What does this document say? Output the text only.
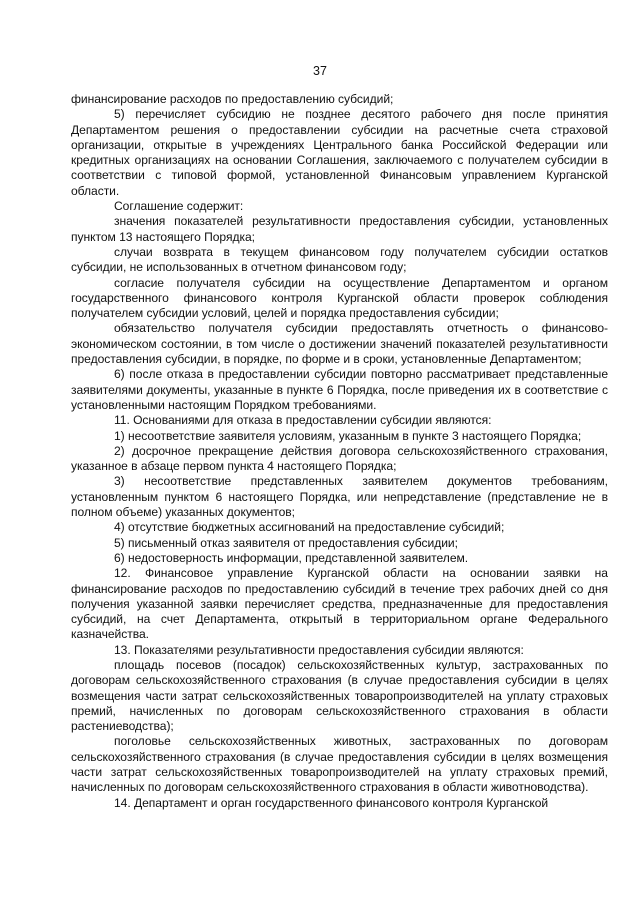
37

финансирование расходов по предоставлению субсидий;

5) перечисляет субсидию не позднее десятого рабочего дня после принятия Департаментом решения о предоставлении субсидии на расчетные счета страховой организации, открытые в учреждениях Центрального банка Российской Федерации или кредитных организациях на основании Соглашения, заключаемого с получателем субсидии в соответствии с типовой формой, установленной Финансовым управлением Курганской области.

Соглашение содержит:

значения показателей результативности предоставления субсидии, установленных пунктом 13 настоящего Порядка;

случаи возврата в текущем финансовом году получателем субсидии остатков субсидии, не использованных в отчетном финансовом году;

согласие получателя субсидии на осуществление Департаментом и органом государственного финансового контроля Курганской области проверок соблюдения получателем субсидии условий, целей и порядка предоставления субсидии;

обязательство получателя субсидии предоставлять отчетность о финансово-экономическом состоянии, в том числе о достижении значений показателей результативности предоставления субсидии, в порядке, по форме и в сроки, установленные Департаментом;

6) после отказа в предоставлении субсидии повторно рассматривает представленные заявителями документы, указанные в пункте 6 Порядка, после приведения их в соответствие с установленными настоящим Порядком требованиями.

11. Основаниями для отказа в предоставлении субсидии являются:

1) несоответствие заявителя условиям, указанным в пункте 3 настоящего Порядка;

2) досрочное прекращение действия договора сельскохозяйственного страхования, указанное в абзаце первом пункта 4 настоящего Порядка;

3) несоответствие представленных заявителем документов требованиям, установленным пунктом 6 настоящего Порядка, или непредставление (представление не в полном объеме) указанных документов;

4) отсутствие бюджетных ассигнований на предоставление субсидий;

5) письменный отказ заявителя от предоставления субсидии;

6) недостоверность информации, представленной заявителем.

12. Финансовое управление Курганской области на основании заявки на финансирование расходов по предоставлению субсидий в течение трех рабочих дней со дня получения указанной заявки перечисляет средства, предназначенные для предоставления субсидий, на счет Департамента, открытый в территориальном органе Федерального казначейства.

13. Показателями результативности предоставления субсидии являются:

площадь посевов (посадок) сельскохозяйственных культур, застрахованных по договорам сельскохозяйственного страхования (в случае предоставления субсидии в целях возмещения части затрат сельскохозяйственных товаропроизводителей на уплату страховых премий, начисленных по договорам сельскохозяйственного страхования в области растениеводства);

поголовье сельскохозяйственных животных, застрахованных по договорам сельскохозяйственного страхования (в случае предоставления субсидии в целях возмещения части затрат сельскохозяйственных товаропроизводителей на уплату страховых премий, начисленных по договорам сельскохозяйственного страхования в области животноводства).

14. Департамент и орган государственного финансового контроля Курганской
